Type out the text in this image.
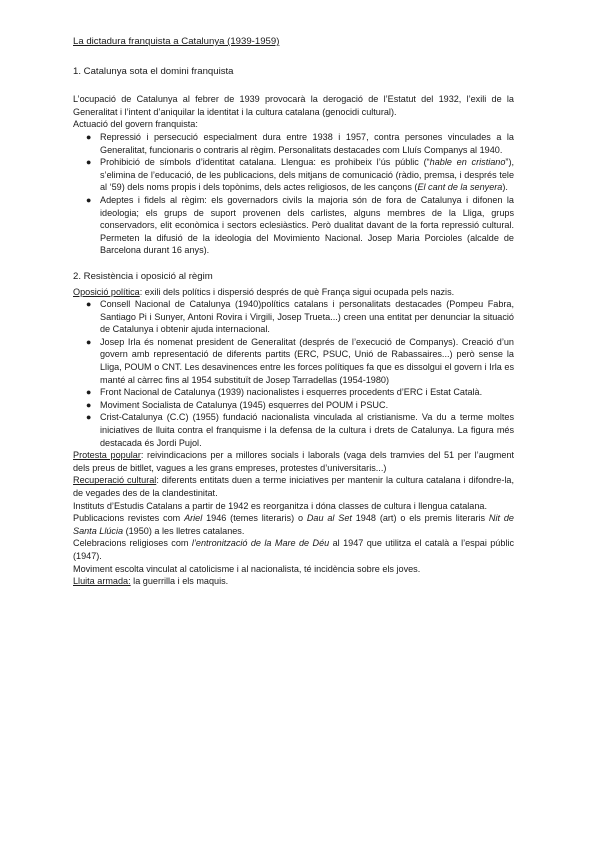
La dictadura franquista a Catalunya (1939-1959)

1. Catalunya sota el domini franquista

L’ocupació de Catalunya al febrer de 1939 provocarà la derogació de l’Estatut del 1932, l’exili de la Generalitat i l’intent d’aniquilar la identitat i la cultura catalana (genocidi cultural).

Actuació del govern franquista:

● Repressió i persecució especialment dura entre 1938 i 1957, contra persones vinculades a la Generalitat, funcionaris o contraris al règim. Personalitats destacades com Lluís Companys al 1940.
● Prohibició de símbols d’identitat catalana. Llengua: es prohibeix l’ús públic (“hable en cristiano”), s’elimina de l’educació, de les publicacions, dels mitjans de comunicació (ràdio, premsa, i després tele al ‘59) dels noms propis i dels topònims, dels actes religiosos, de les cançons (El cant de la senyera).
● Adeptes i fidels al règim: els governadors civils la majoria són de fora de Catalunya i difonen la ideologia; els grups de suport provenen dels carlistes, alguns membres de la Lliga, grups conservadors, elit econòmica i sectors eclesiàstics. Però dualitat davant de la forta repressió cultural. Permeten la difusió de la ideologia del Movimiento Nacional. Josep Maria Porcioles (alcalde de Barcelona durant 16 anys).
2. Resistència i oposició al règim

Oposició política: exili dels polítics i dispersió després de què França sigui ocupada pels nazis.

● Consell Nacional de Catalunya (1940)polítics catalans i personalitats destacades (Pompeu Fabra, Santiago Pi i Sunyer, Antoni Rovira i Virgili, Josep Trueta...) creen una entitat per denunciar la situació de Catalunya i obtenir ajuda internacional.
● Josep Irla és nomenat president de Generalitat (després de l’execució de Companys). Creació d’un govern amb representació de diferents partits (ERC, PSUC, Unió de Rabassaires...) però sense la Lliga, POUM o CNT. Les desavinences entre les forces polítiques fa que es dissolgui el govern i Irla es manté al càrrec fins al 1954 substituït de Josep Tarradellas (1954-1980)
● Front Nacional de Catalunya (1939) nacionalistes i esquerres procedents d’ERC i Estat Català.
● Moviment Socialista de Catalunya (1945) esquerres del POUM i PSUC.
● Crist-Catalunya (C.C) (1955) fundació nacionalista vinculada al cristianisme. Va du a terme moltes iniciatives de lluita contra el franquisme i la defensa de la cultura i drets de Catalunya. La figura més destacada és Jordi Pujol.

Protesta popular: reivindicacions per a millores socials i laborals (vaga dels tramvies del 51 per l’augment dels preus de bitllet, vagues a les grans empreses, protestes d’universitaris...)

Recuperació cultural: diferents entitats duen a terme iniciatives per mantenir la cultura catalana i difondre-la, de vegades des de la clandestinitat.

Instituts d’Estudis Catalans a partir de 1942 es reorganitza i dóna classes de cultura i llengua catalana.

Publicacions revistes com Ariel 1946 (temes literaris) o Dau al Set 1948 (art) o els premis literaris Nit de Santa Llúcia (1950) a les lletres catalanes.

Celebracions religioses com l’entronització de la Mare de Déu al 1947 que utilitza el català a l’espai públic (1947).

Moviment escolta vinculat al catolicisme i al nacionalista, té incidència sobre els joves.

Lluita armada: la guerrilla i els maquis.
